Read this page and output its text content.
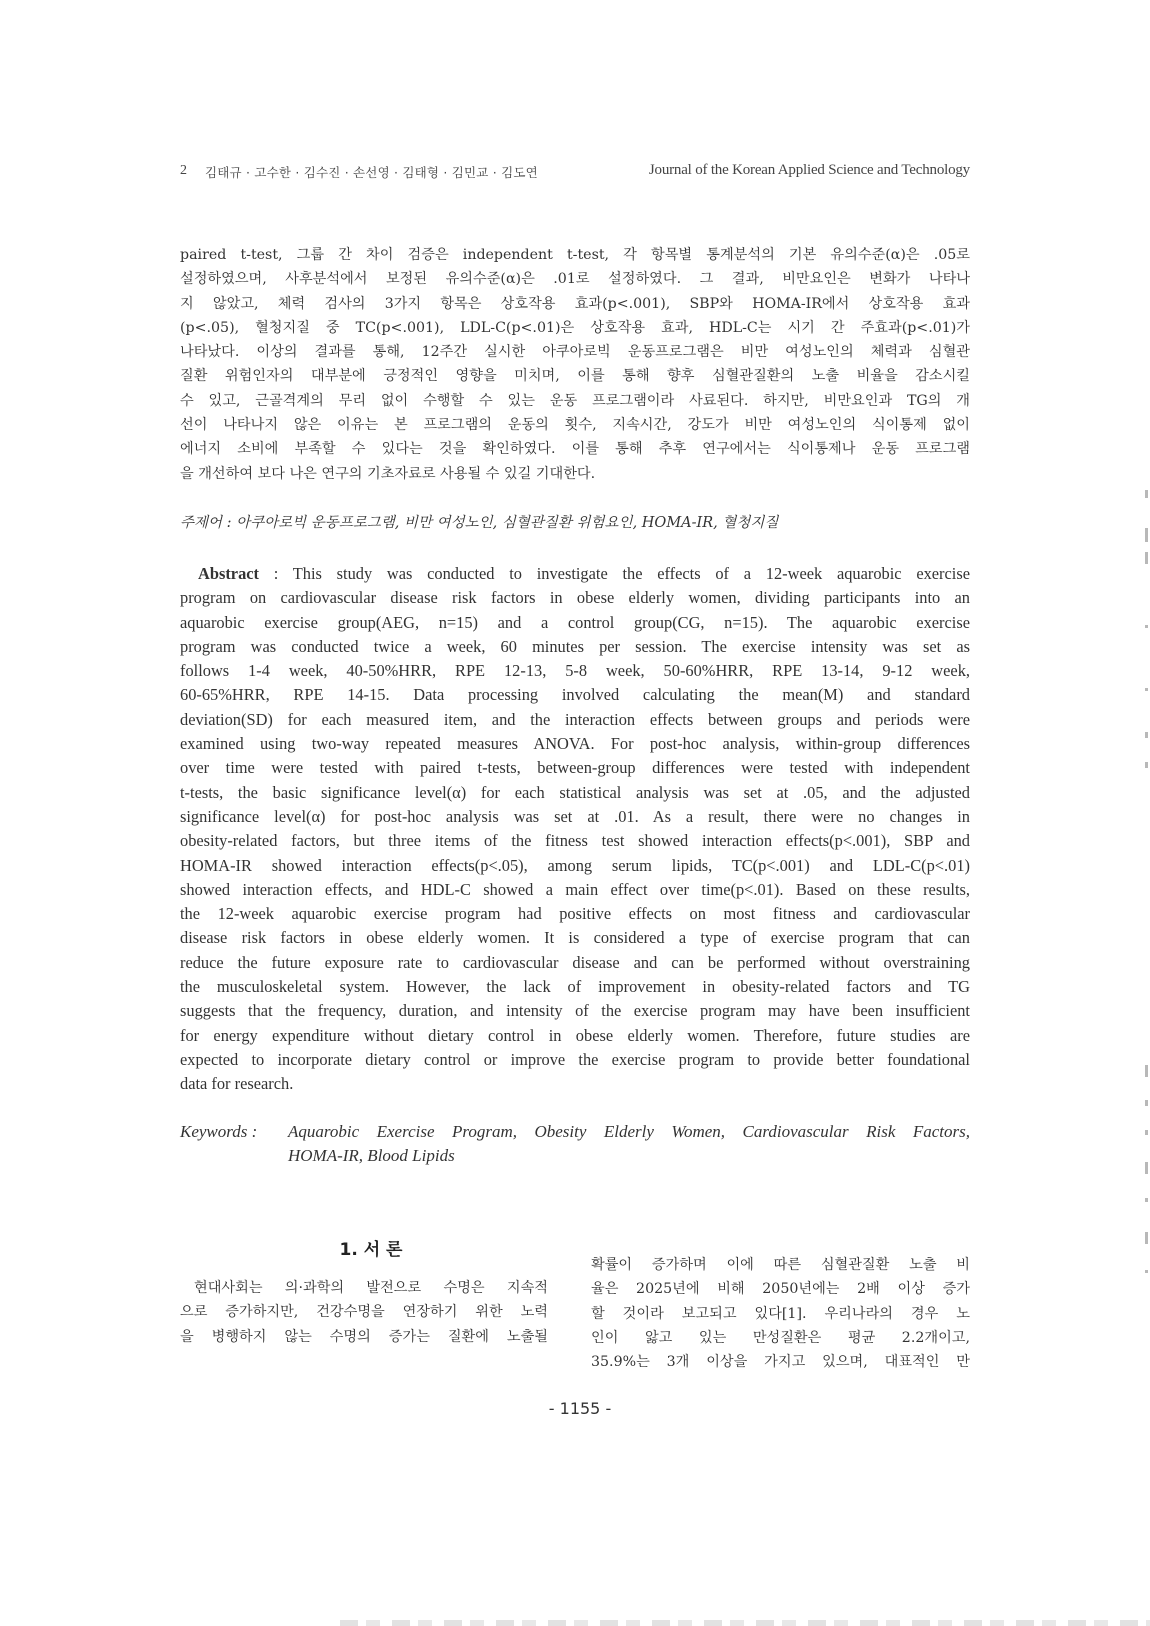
2 김태규 · 고수한 · 김수진 · 손선영 · 김태형 · 김민교 · 김도연	Journal of the Korean Applied Science and Technology
paired t-test, 그룹 간 차이 검증은 independent t-test, 각 항목별 통계분석의 기본 유의수준(α)은 .05로
설정하였으며, 사후분석에서 보정된 유의수준(α)은 .01로 설정하였다. 그 결과, 비만요인은 변화가 나타나
지 않았고, 체력 검사의 3가지 항목은 상호작용 효과(p<.001), SBP와 HOMA-IR에서 상호작용 효과
(p<.05), 혈청지질 중 TC(p<.001), LDL-C(p<.01)은 상호작용 효과, HDL-C는 시기 간 주효과(p<.01)가
나타났다. 이상의 결과를 통해, 12주간 실시한 아쿠아로빅 운동프로그램은 비만 여성노인의 체력과 심혈관
질환 위험인자의 대부분에 긍정적인 영향을 미치며, 이를 통해 향후 심혈관질환의 노출 비율을 감소시킬
수 있고, 근골격계의 무리 없이 수행할 수 있는 운동 프로그램이라 사료된다. 하지만, 비만요인과 TG의 개
선이 나타나지 않은 이유는 본 프로그램의 운동의 횟수, 지속시간, 강도가 비만 여성노인의 식이통제 없이
에너지 소비에 부족할 수 있다는 것을 확인하였다. 이를 통해 추후 연구에서는 식이통제나 운동 프로그램
을 개선하여 보다 나은 연구의 기초자료로 사용될 수 있길 기대한다.
주제어 : 아쿠아로빅 운동프로그램, 비만 여성노인, 심혈관질환 위험요인, HOMA-IR, 혈청지질
Abstract : This study was conducted to investigate the effects of a 12-week aquarobic exercise
program on cardiovascular disease risk factors in obese elderly women, dividing participants into an
aquarobic exercise group(AEG, n=15) and a control group(CG, n=15). The aquarobic exercise
program was conducted twice a week, 60 minutes per session. The exercise intensity was set as
follows 1-4 week, 40-50%HRR, RPE 12-13, 5-8 week, 50-60%HRR, RPE 13-14, 9-12 week,
60-65%HRR, RPE 14-15. Data processing involved calculating the mean(M) and standard
deviation(SD) for each measured item, and the interaction effects between groups and periods were
examined using two-way repeated measures ANOVA. For post-hoc analysis, within-group differences
over time were tested with paired t-tests, between-group differences were tested with independent
t-tests, the basic significance level(α) for each statistical analysis was set at .05, and the adjusted
significance level(α) for post-hoc analysis was set at .01. As a result, there were no changes in
obesity-related factors, but three items of the fitness test showed interaction effects(p<.001), SBP and
HOMA-IR showed interaction effects(p<.05), among serum lipids, TC(p<.001) and LDL-C(p<.01)
showed interaction effects, and HDL-C showed a main effect over time(p<.01). Based on these results,
the 12-week aquarobic exercise program had positive effects on most fitness and cardiovascular
disease risk factors in obese elderly women. It is considered a type of exercise program that can
reduce the future exposure rate to cardiovascular disease and can be performed without overstraining
the musculoskeletal system. However, the lack of improvement in obesity-related factors and TG
suggests that the frequency, duration, and intensity of the exercise program may have been insufficient
for energy expenditure without dietary control in obese elderly women. Therefore, future studies are
expected to incorporate dietary control or improve the exercise program to provide better foundational
data for research.
Keywords :	Aquarobic Exercise Program, Obesity Elderly Women, Cardiovascular Risk Factors,
HOMA-IR, Blood Lipids
1. 서 론
현대사회는 의·과학의 발전으로 수명은 지속적
으로 증가하지만, 건강수명을 연장하기 위한 노력
을 병행하지 않는 수명의 증가는 질환에 노출될
확률이 증가하며 이에 따른 심혈관질환 노출 비
율은 2025년에 비해 2050년에는 2배 이상 증가
할 것이라 보고되고 있다[1]. 우리나라의 경우 노
인이 앓고 있는 만성질환은 평균 2.2개이고,
35.9%는 3개 이상을 가지고 있으며, 대표적인 만
- 1155 -
